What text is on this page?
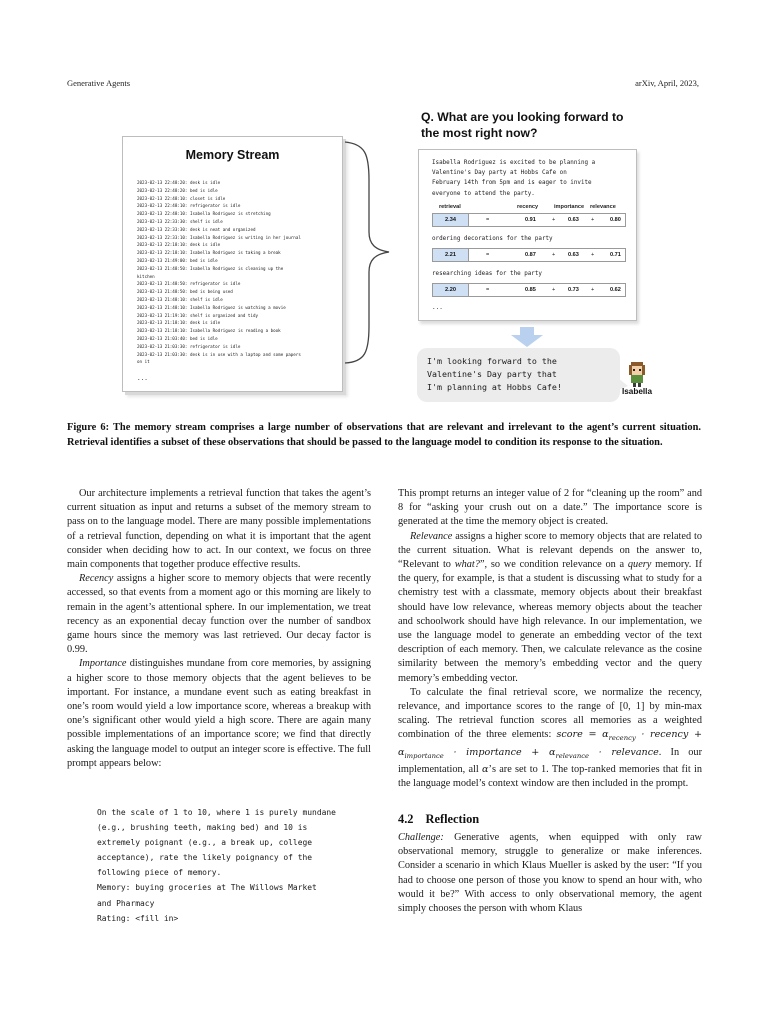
Generative Agents	arXiv, April, 2023,
Memory Stream
2023-02-13 22:48:20: desk is idle
2023-02-13 22:48:20: bed is idle
2023-02-13 22:48:10: closet is idle
2023-02-13 22:48:10: refrigerator is idle
2023-02-13 22:48:10: Isabella Rodriguez is stretching
2023-02-13 22:33:30: shelf is idle
2023-02-13 22:33:30: desk is neat and organized
2023-02-13 22:33:10: Isabella Rodriguez is writing in her journal
2023-02-13 22:18:10: desk is idle
2023-02-13 22:18:10: Isabella Rodriguez is taking a break
2023-02-13 21:49:00: bed is idle
2023-02-13 21:48:50: Isabella Rodriguez is cleaning up the
kitchen
2023-02-13 21:48:50: refrigerator is idle
2023-02-13 21:48:50: bed is being used
2023-02-13 21:48:10: shelf is idle
2023-02-13 21:48:10: Isabella Rodriguez is watching a movie
2023-02-13 21:19:10: shelf is organized and tidy
2023-02-13 21:18:10: desk is idle
2023-02-13 21:18:10: Isabella Rodriguez is reading a book
2023-02-13 21:03:40: bed is idle
2023-02-13 21:03:30: refrigerator is idle
2023-02-13 21:03:30: desk is in use with a laptop and some papers
on it
...
Q. What are you looking forward to
the most right now?
Isabella Rodriguez is excited to be planning a
Valentine's Day party at Hobbs Cafe on
February 14th from 5pm and is eager to invite
everyone to attend the party.
retrieval	recency	importance relevance
2.34	=	0.91	+ 0.63 +	0.80
ordering decorations for the party
2.21	=	0.87	+ 0.63 +	0.71
researching ideas for the party
2.20	=	0.85	+ 0.73 +	0.62
...
I'm looking forward to the
Valentine's Day party that
I'm planning at Hobbs Cafe!	Isabella
Figure 6: The memory stream comprises a large number of observations that are relevant and irrelevant to the agent’s current situation. Retrieval identifies a subset of these observations that should be passed to the language model to condition its response to the situation.

Our architecture implements a retrieval function that takes the agent’s current situation as input and returns a subset of the memory stream to pass on to the language model. There are many possible implementations of a retrieval function, depending on what it is important that the agent consider when deciding how to act. In our context, we focus on three main components that together produce effective results.

Recency assigns a higher score to memory objects that were recently accessed, so that events from a moment ago or this morning are likely to remain in the agent’s attentional sphere. In our implementation, we treat recency as an exponential decay function over the number of sandbox game hours since the memory was last retrieved. Our decay factor is 0.99.

Importance distinguishes mundane from core memories, by assigning a higher score to those memory objects that the agent believes to be important. For instance, a mundane event such as eating breakfast in one’s room would yield a low importance score, whereas a breakup with one’s significant other would yield a high score. There are again many possible implementations of an importance score; we find that directly asking the language model to output an integer score is effective. The full prompt appears below:

On the scale of 1 to 10, where 1 is purely mundane
(e.g., brushing teeth, making bed) and 10 is
extremely poignant (e.g., a break up, college
acceptance), rate the likely poignancy of the
following piece of memory.
Memory: buying groceries at The Willows Market
and Pharmacy
Rating: <fill in>

This prompt returns an integer value of 2 for “cleaning up the room” and 8 for “asking your crush out on a date.” The importance score is generated at the time the memory object is created.

Relevance assigns a higher score to memory objects that are related to the current situation. What is relevant depends on the answer to, “Relevant to what?”, so we condition relevance on a query memory. If the query, for example, is that a student is discussing what to study for a chemistry test with a classmate, memory objects about their breakfast should have low relevance, whereas memory objects about the teacher and schoolwork should have high relevance. In our implementation, we use the language model to generate an embedding vector of the text description of each memory. Then, we calculate relevance as the cosine similarity between the memory’s embedding vector and the query memory’s embedding vector.

To calculate the final retrieval score, we normalize the recency, relevance, and importance scores to the range of [0, 1] by min-max scaling. The retrieval function scores all memories as a weighted combination of the three elements: score = $\alpha_{recency}$ · recency + $\alpha_{importance}$ · importance + $\alpha_{relevance}$ · relevance. In our implementation, all α’s are set to 1. The top-ranked memories that fit in the language model’s context window are then included in the prompt.

4.2 Reflection

Challenge: Generative agents, when equipped with only raw observational memory, struggle to generalize or make inferences. Consider a scenario in which Klaus Mueller is asked by the user: “If you had to choose one person of those you know to spend an hour with, who would it be?” With access to only observational memory, the agent simply chooses the person with whom Klaus
